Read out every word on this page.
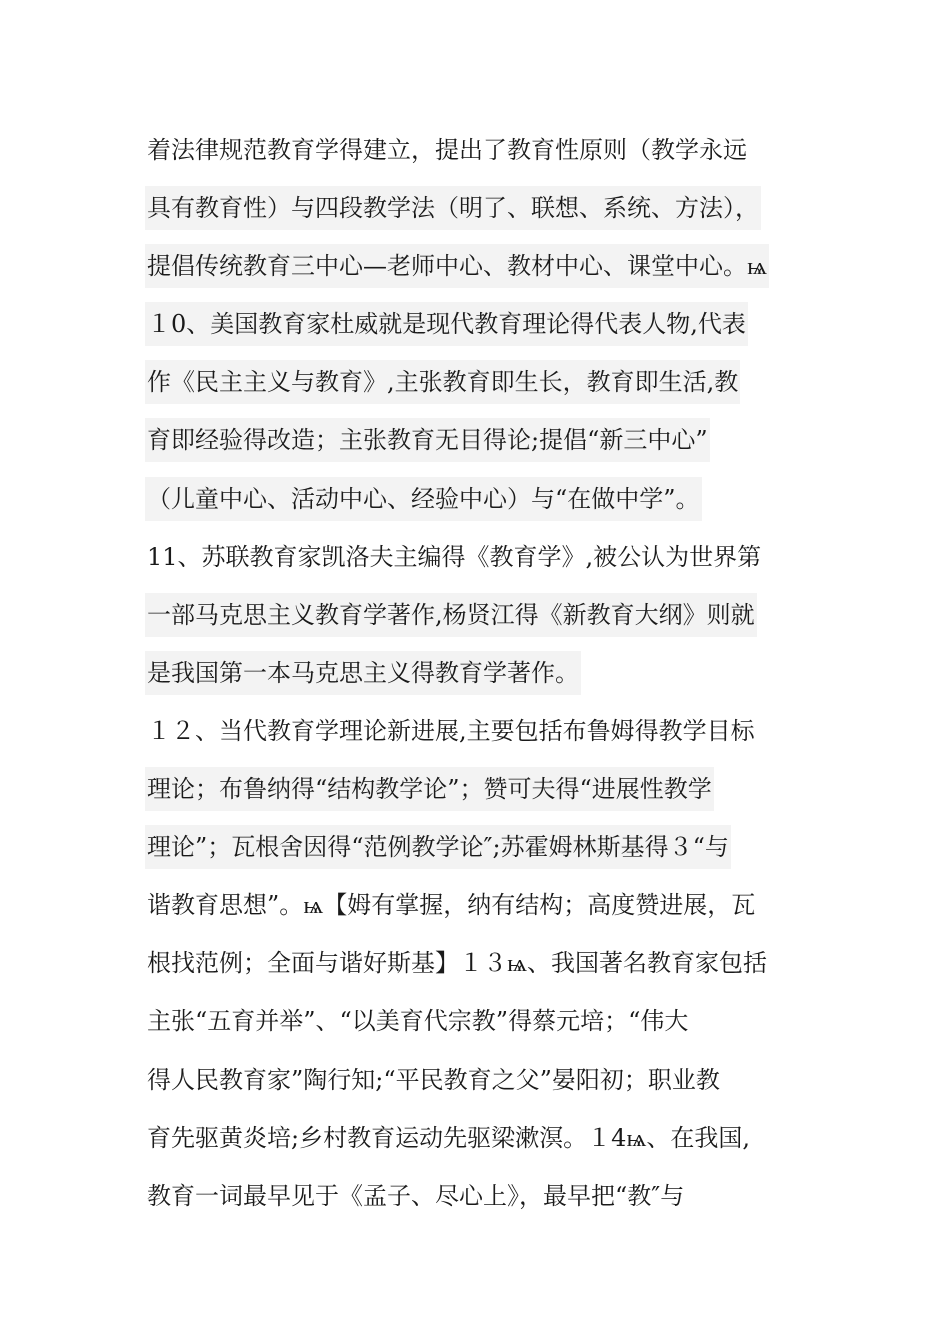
着法律规范教育学得建立，提出了教育性原则（教学永远
具有教育性）与四段教学法（明了、联想、系统、方法），
提倡传统教育三中心—老师中心、教材中心、课堂中心。ѩ
１0、美国教育家杜威就是现代教育理论得代表人物,代表
作《民主主义与教育》,主张教育即生长，教育即生活,教
育即经验得改造；主张教育无目得论;提倡“新三中心”
（儿童中心、活动中心、经验中心）与“在做中学”。
11、苏联教育家凯洛夫主编得《教育学》,被公认为世界第
一部马克思主义教育学著作,杨贤江得《新教育大纲》则就
是我国第一本马克思主义得教育学著作。
１２、当代教育学理论新进展,主要包括布鲁姆得教学目标
理论；布鲁纳得“结构教学论”；赞可夫得“进展性教学
理论”；瓦根舍因得“范例教学论″;苏霍姆林斯基得３“与
谐教育思想”。ѩ【姆有掌握，纳有结构；高度赞进展，瓦
根找范例；全面与谐好斯基】１３ѩ、我国著名教育家包括
主张“五育并举”、“以美育代宗教”得蔡元培；“伟大
得人民教育家”陶行知;“平民教育之父”晏阳初；职业教
育先驱黄炎培;乡村教育运动先驱梁漱溟。１4ѩ、在我国,
教育一词最早见于《孟子、尽心上》，最早把“教″与
